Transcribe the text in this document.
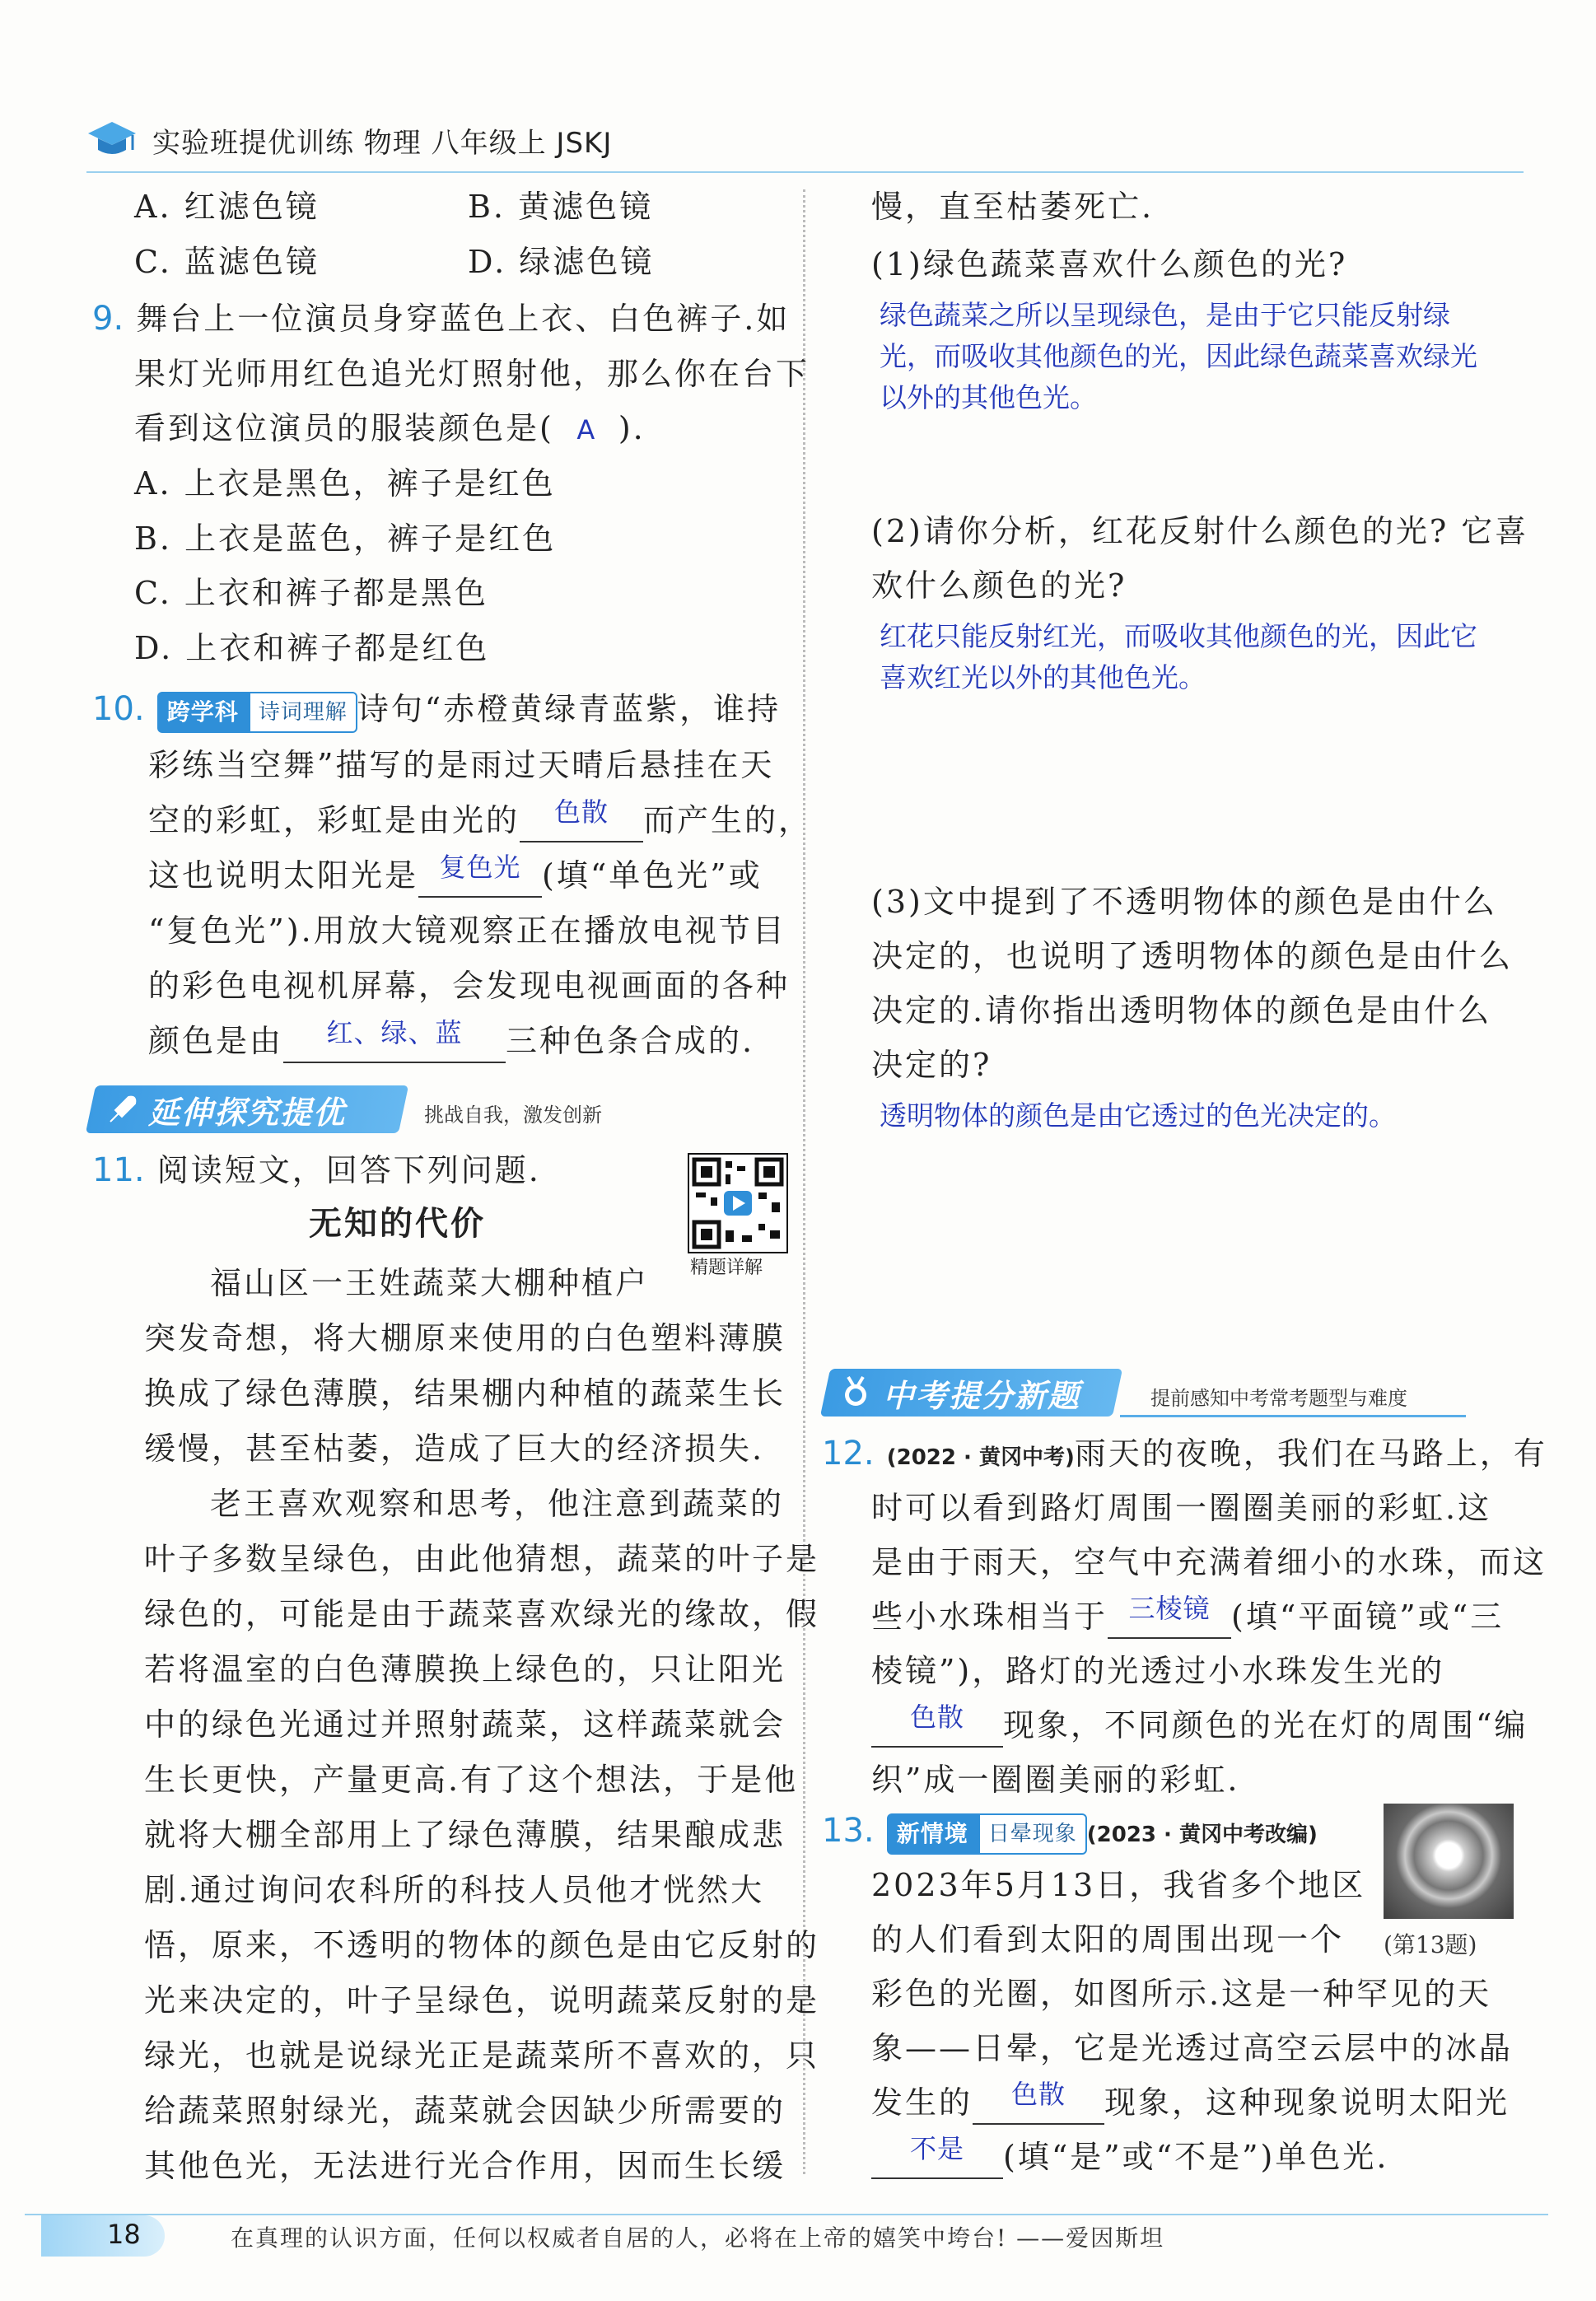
实验班提优训练 物理 八年级上 JSKJ
A. 红滤色镜	B. 黄滤色镜
C. 蓝滤色镜	D. 绿滤色镜
9. 舞台上一位演员身穿蓝色上衣、白色裤子.如
果灯光师用红色追光灯照射他，那么你在台下
看到这位演员的服装颜色是( A ).
A. 上衣是黑色，裤子是红色
B. 上衣是蓝色，裤子是红色
C. 上衣和裤子都是黑色
D. 上衣和裤子都是红色
10. 跨学科 诗词理解 诗句“赤橙黄绿青蓝紫，谁持
彩练当空舞”描写的是雨过天晴后悬挂在天
空的彩虹，彩虹是由光的 $^{色散}$ 而产生的，
这也说明太阳光是 $^{复色光}$ (填“单色光”或
“复色光”).用放大镜观察正在播放电视节目
的彩色电视机屏幕，会发现电视画面的各种
颜色是由 $^{红、绿、蓝}$ 三种色条合成的.
延伸探究提优	挑战自我，激发创新
11. 阅读短文，回答下列问题.
精题详解
无知的代价
福山区一王姓蔬菜大棚种植户
突发奇想，将大棚原来使用的白色塑料薄膜
换成了绿色薄膜，结果棚内种植的蔬菜生长
缓慢，甚至枯萎，造成了巨大的经济损失.
老王喜欢观察和思考，他注意到蔬菜的
叶子多数呈绿色，由此他猜想，蔬菜的叶子是
绿色的，可能是由于蔬菜喜欢绿光的缘故，假
若将温室的白色薄膜换上绿色的，只让阳光
中的绿色光通过并照射蔬菜，这样蔬菜就会
生长更快，产量更高.有了这个想法，于是他
就将大棚全部用上了绿色薄膜，结果酿成悲
剧.通过询问农科所的科技人员他才恍然大
悟，原来，不透明的物体的颜色是由它反射的
光来决定的，叶子呈绿色，说明蔬菜反射的是
绿光，也就是说绿光正是蔬菜所不喜欢的，只
给蔬菜照射绿光，蔬菜就会因缺少所需要的
其他色光，无法进行光合作用，因而生长缓
慢，直至枯萎死亡.
(1)绿色蔬菜喜欢什么颜色的光?
绿色蔬菜之所以呈现绿色，是由于它只能反射绿
光，而吸收其他颜色的光，因此绿色蔬菜喜欢绿光
以外的其他色光。
(2)请你分析，红花反射什么颜色的光? 它喜
欢什么颜色的光?
红花只能反射红光，而吸收其他颜色的光，因此它
喜欢红光以外的其他色光。
(3)文中提到了不透明物体的颜色是由什么
决定的，也说明了透明物体的颜色是由什么
决定的.请你指出透明物体的颜色是由什么
决定的?
透明物体的颜色是由它透过的色光决定的。
中考提分新题	提前感知中考常考题型与难度
12. (2022 · 黄冈中考)雨天的夜晚，我们在马路上，有
时可以看到路灯周围一圈圈美丽的彩虹.这
是由于雨天，空气中充满着细小的水珠，而这
些小水珠相当于 $^{三棱镜}$ (填“平面镜”或“三
棱镜”)，路灯的光透过小水珠发生光的
$^{色散}$ 现象，不同颜色的光在灯的周围“编
织”成一圈圈美丽的彩虹.
13. 新情境 日晕现象 (2023 · 黄冈中考改编)
2023年5月13日，我省多个地区
的人们看到太阳的周围出现一个 (第13题)
彩色的光圈，如图所示.这是一种罕见的天
象——日晕，它是光透过高空云层中的冰晶
发生的 $^{色散}$ 现象，这种现象说明太阳光
$^{不是}$ (填“是”或“不是”)单色光.
18	在真理的认识方面，任何以权威者自居的人，必将在上帝的嬉笑中垮台! ——爱因斯坦
